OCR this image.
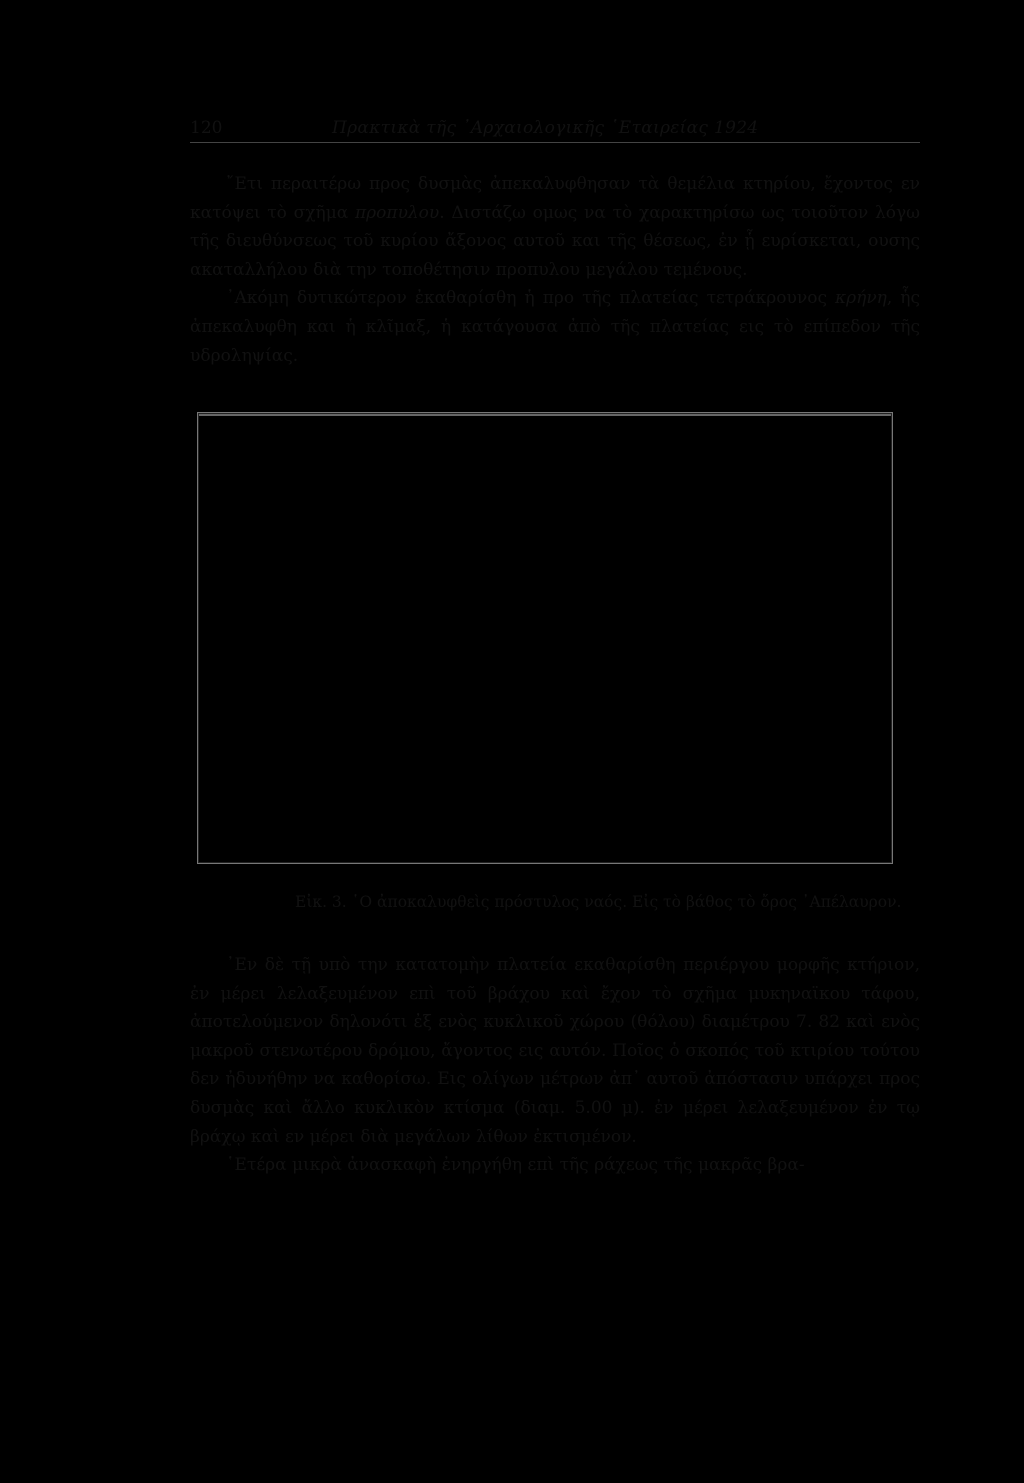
120	Πρακτικὰ τῆς ᾿Αρχαιολογικῆς ῾Εταιρείας 1924

῎Ετι περαιτέρω προς δυσμὰς ἀπεκαλυφθησαν τὰ θεμέλια κτηρίου, ἔχοντος εν κατόψει τὸ σχῆμα προπυλου. Διστάζω ομως να τὸ χαρακτηρίσω ως τοιοῦτον λόγω τῆς διευθύνσεως τοῦ κυρίου ἄξονος αυτοῦ και τῆς θέσεως, ἐν ᾗ ευρίσκεται, ουσης ακαταλλήλου διὰ την τοποθέτησιν προπυλου μεγάλου τεμένους.

᾿Ακόμη δυτικώτερον ἐκαθαρίσθη ἡ προ τῆς πλατείας τετράκρουνος κρήνη, ἧς ἀπεκαλυφθη και ἡ κλῖμαξ, ἡ κατάγουσα ἀπὸ τῆς πλατείας εις τὸ επίπεδον τῆς υδροληψίας.

Εἰκ. 3. ῾Ο ἀποκαλυφθεὶς πρόστυλος ναός. Εἰς τὸ βάθος τὸ ὄρος ᾿Απέλαυρον.

᾿Εν δὲ τῇ υπὸ την κατατομὴν πλατεία εκαθαρίσθη περιέργου μορφῆς κτήριον, ἐν μέρει λελαξευμένον επὶ τοῦ βράχου καὶ ἔχον τὸ σχῆμα μυκηναϊκου τάφου, ἀποτελούμενον δηλονότι ἐξ ενὸς κυκλικοῦ χώρου (θόλου) διαμέτρου 7. 82 καὶ ενὸς μακροῦ στενωτέρου δρόμου, ἄγοντος εις αυτόν. Ποῖος ὁ σκοπός τοῦ κτιρίου τούτου δεν ἠδυνήθην να καθορίσω. Εις ολίγων μέτρων ἀπ᾿ αυτοῦ ἀπόστασιν υπάρχει προς δυσμὰς καὶ ἄλλο κυκλικὸν κτίσμα (διαμ. 5.00 μ). ἐν μέρει λελαξευμένον ἐν τῳ βράχῳ καὶ εν μέρει διὰ μεγάλων λίθων ἐκτισμένον.

῾Ετέρα μικρὰ ἀνασκαφὴ ἐνηργήθη επὶ τῆς ράχεως τῆς μακρᾶς βρα-
